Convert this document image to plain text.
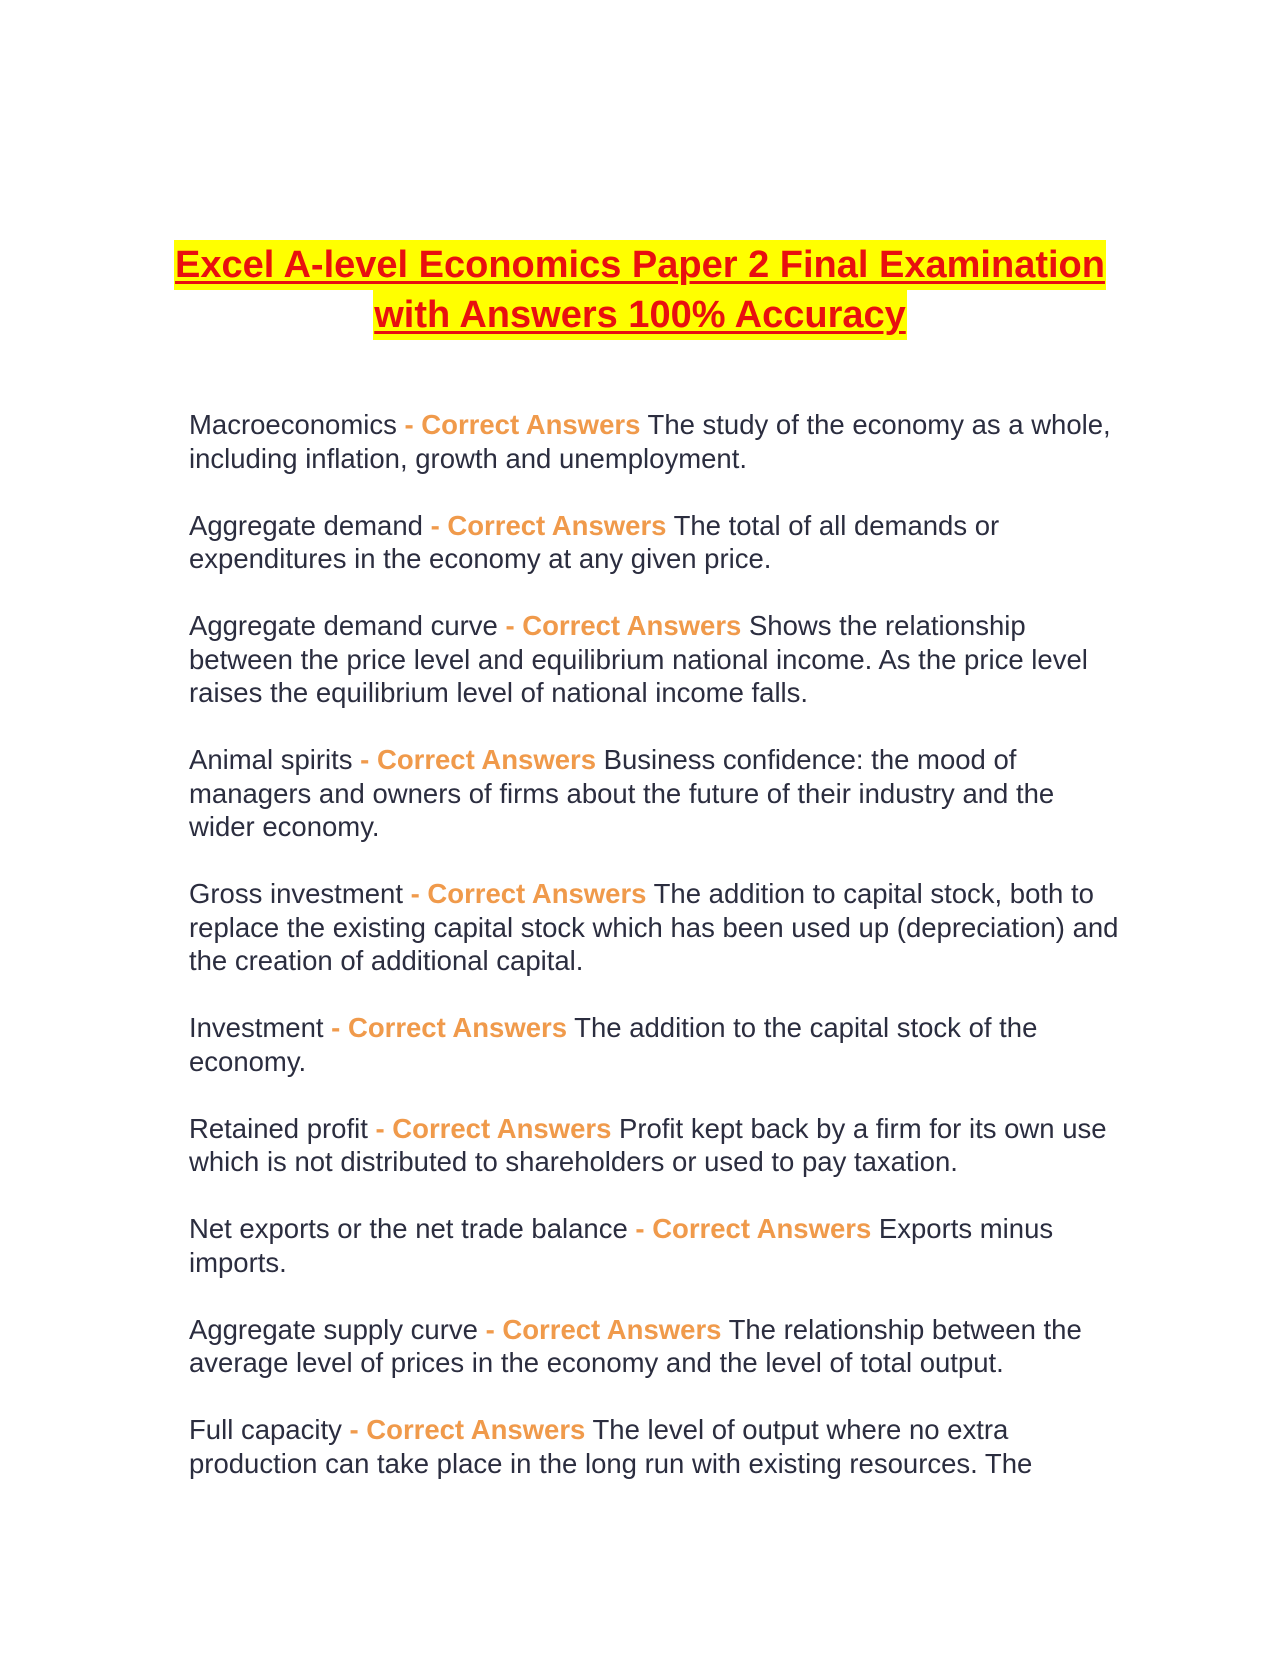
Excel A-level Economics Paper 2 Final Examination
with Answers 100% Accuracy

Macroeconomics - Correct Answers The study of the economy as a whole, including inflation, growth and unemployment.

Aggregate demand - Correct Answers The total of all demands or expenditures in the economy at any given price.

Aggregate demand curve - Correct Answers Shows the relationship between the price level and equilibrium national income. As the price level raises the equilibrium level of national income falls.

Animal spirits - Correct Answers Business confidence: the mood of managers and owners of firms about the future of their industry and the wider economy.

Gross investment - Correct Answers The addition to capital stock, both to replace the existing capital stock which has been used up (depreciation) and the creation of additional capital.

Investment - Correct Answers The addition to the capital stock of the economy.

Retained profit - Correct Answers Profit kept back by a firm for its own use which is not distributed to shareholders or used to pay taxation.

Net exports or the net trade balance - Correct Answers Exports minus imports.

Aggregate supply curve - Correct Answers The relationship between the average level of prices in the economy and the level of total output.

Full capacity - Correct Answers The level of output where no extra production can take place in the long run with existing resources. The
